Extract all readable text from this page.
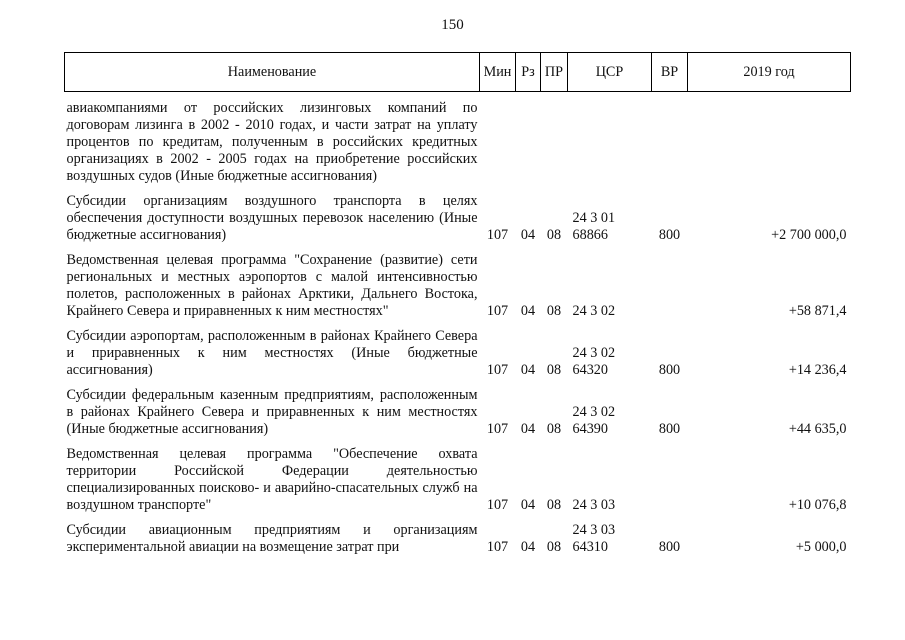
150
Наименование	Мин	Рз	ПР	ЦСР	ВР	2019 год
авиакомпаниями от российских лизинговых компаний по договорам лизинга в 2002 - 2010 годах, и части затрат на уплату процентов по кредитам, полученным в российских кредитных организациях в 2002 - 2005 годах на приобретение российских воздушных судов (Иные бюджетные ассигнования)						
Субсидии организациям воздушного транспорта в целях обеспечения доступности воздушных перевозок населению (Иные бюджетные ассигнования)	107	04	08	24 3 01 68866	800	+2 700 000,0
Ведомственная целевая программа "Сохранение (развитие) сети региональных и местных аэропортов с малой интенсивностью полетов, расположенных в районах Арктики, Дальнего Востока, Крайнего Севера и приравненных к ним местностях"	107	04	08	24 3 02		+58 871,4
Субсидии аэропортам, расположенным в районах Крайнего Севера и приравненных к ним местностях (Иные бюджетные ассигнования)	107	04	08	24 3 02 64320	800	+14 236,4
Субсидии федеральным казенным предприятиям, расположенным в районах Крайнего Севера и приравненных к ним местностях (Иные бюджетные ассигнования)	107	04	08	24 3 02 64390	800	+44 635,0
Ведомственная целевая программа "Обеспечение охвата территории Российской Федерации деятельностью специализированных поисково- и аварийно-спасательных служб на воздушном транспорте"	107	04	08	24 3 03		+10 076,8
Субсидии авиационным предприятиям и организациям экспериментальной авиации на возмещение затрат при	107	04	08	24 3 03 64310	800	+5 000,0
